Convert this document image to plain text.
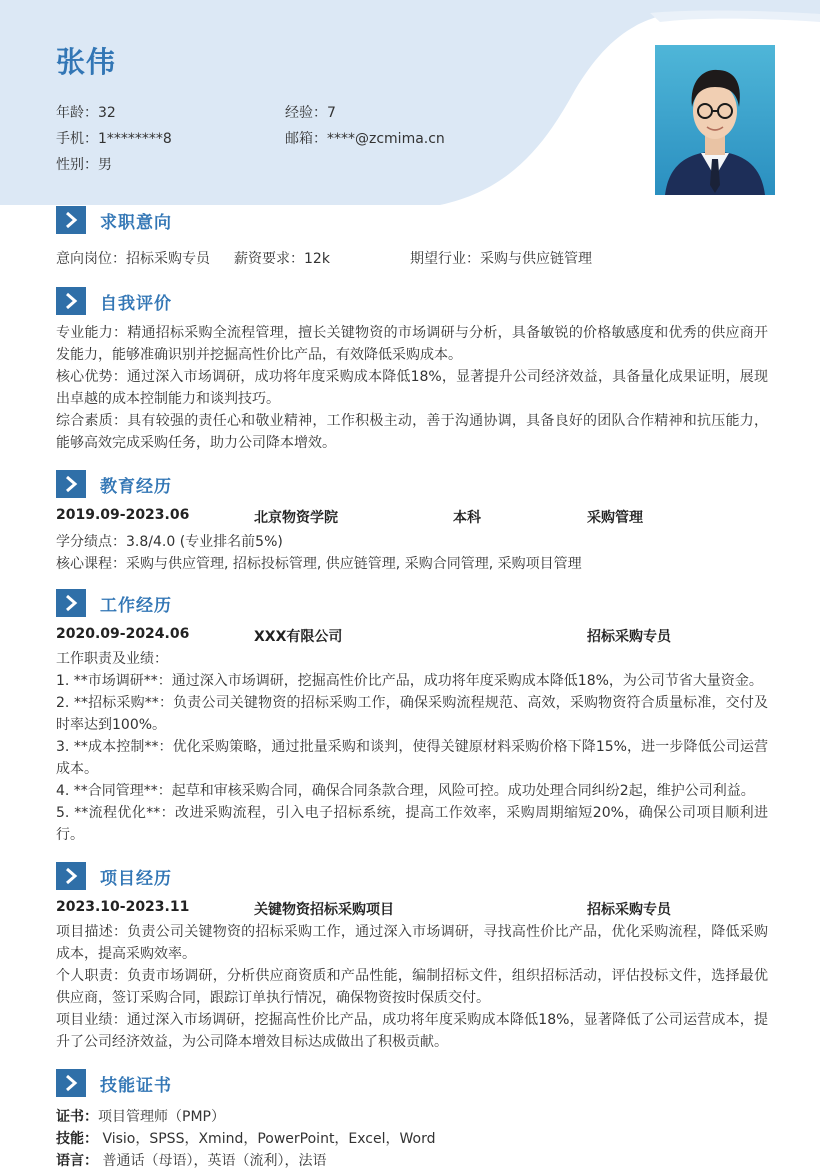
张伟
年龄：32	经验：7
手机：1********8	邮箱：****@zcmima.cn
性别：男
求职意向
意向岗位：招标采购专员 薪资要求：12k	期望行业：采购与供应链管理
自我评价
专业能力：精通招标采购全流程管理，擅长关键物资的市场调研与分析，具备敏锐的价格敏感度和优秀的供应商开发能力，能够准确识别并挖掘高性价比产品，有效降低采购成本。
核心优势：通过深入市场调研，成功将年度采购成本降低18%，显著提升公司经济效益，具备量化成果证明，展现出卓越的成本控制能力和谈判技巧。
综合素质：具有较强的责任心和敬业精神，工作积极主动，善于沟通协调，具备良好的团队合作精神和抗压能力，能够高效完成采购任务，助力公司降本增效。
教育经历
2019.09-2023.06	北京物资学院	本科	采购管理
学分绩点：3.8/4.0 (专业排名前5%)
核心课程：采购与供应管理, 招标投标管理, 供应链管理, 采购合同管理, 采购项目管理
工作经历
2020.09-2024.06	XXX有限公司	招标采购专员
工作职责及业绩：
1. **市场调研**：通过深入市场调研，挖掘高性价比产品，成功将年度采购成本降低18%，为公司节省大量资金。
2. **招标采购**：负责公司关键物资的招标采购工作，确保采购流程规范、高效，采购物资符合质量标准，交付及时率达到100%。
3. **成本控制**：优化采购策略，通过批量采购和谈判，使得关键原材料采购价格下降15%，进一步降低公司运营成本。
4. **合同管理**：起草和审核采购合同，确保合同条款合理，风险可控。成功处理合同纠纷2起，维护公司利益。
5. **流程优化**：改进采购流程，引入电子招标系统，提高工作效率，采购周期缩短20%，确保公司项目顺利进行。
项目经历
2023.10-2023.11	关键物资招标采购项目	招标采购专员
项目描述：负责公司关键物资的招标采购工作，通过深入市场调研，寻找高性价比产品，优化采购流程，降低采购成本，提高采购效率。
个人职责：负责市场调研，分析供应商资质和产品性能，编制招标文件，组织招标活动，评估投标文件，选择最优供应商，签订采购合同，跟踪订单执行情况，确保物资按时保质交付。
项目业绩：通过深入市场调研，挖掘高性价比产品，成功将年度采购成本降低18%，显著降低了公司运营成本，提升了公司经济效益，为公司降本增效目标达成做出了积极贡献。
技能证书
证书：项目管理师（PMP）
技能： Visio，SPSS，Xmind，PowerPoint，Excel，Word
语言： 普通话（母语），英语（流利），法语
